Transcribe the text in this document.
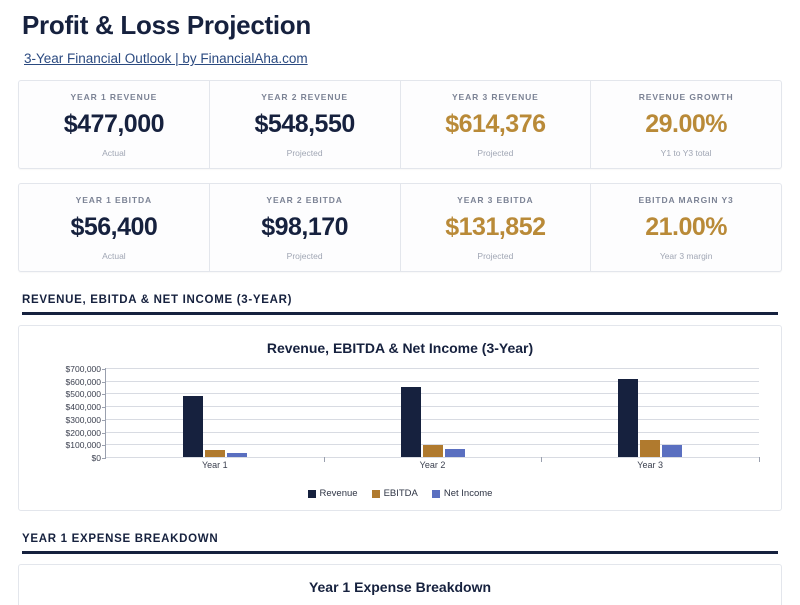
Profit & Loss Projection
3-Year Financial Outlook | by FinancialAha.com
YEAR 1 REVENUE
$477,000
Actual
YEAR 2 REVENUE
$548,550
Projected
YEAR 3 REVENUE
$614,376
Projected
REVENUE GROWTH
29.00%
Y1 to Y3 total
YEAR 1 EBITDA
$56,400
Actual
YEAR 2 EBITDA
$98,170
Projected
YEAR 3 EBITDA
$131,852
Projected
EBITDA MARGIN Y3
21.00%
Year 3 margin
REVENUE, EBITDA & NET INCOME (3-YEAR)
Revenue, EBITDA & Net Income (3-Year)
$0
$100,000
$200,000
$300,000
$400,000
$500,000
$600,000
$700,000
Year 1	Year 2	Year 3
Revenue	EBITDA	Net Income
YEAR 1 EXPENSE BREAKDOWN
Year 1 Expense Breakdown
